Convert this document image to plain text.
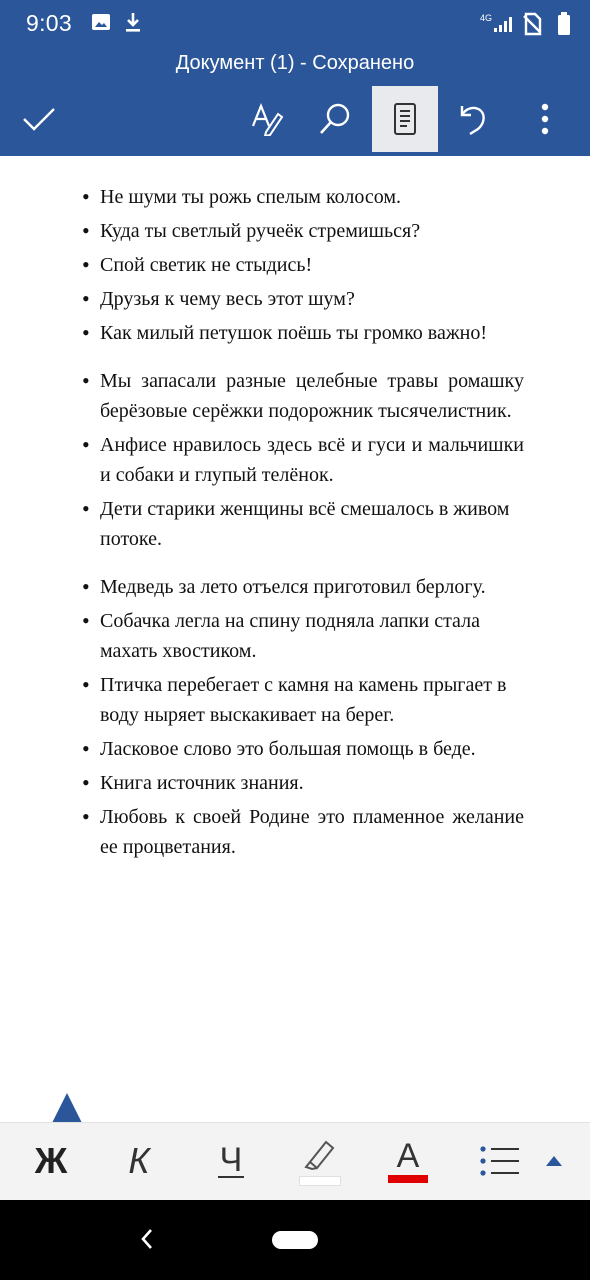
9:03	4G
Документ (1) - Сохранено
• Не шуми ты рожь спелым колосом.
• Куда ты светлый ручеёк стремишься?
• Спой светик не стыдись!
• Друзья к чему весь этот шум?
• Как милый петушок поёшь ты громко важно!
• Мы запасали разные целебные травы ромашку берёзовые серёжки подорожник тысячелистник.
• Анфисе нравилось здесь всё и гуси и мальчишки и собаки и глупый телёнок.
• Дети старики женщины всё смешалось в живом потоке.
• Медведь за лето отъелся приготовил берлогу.
• Собачка легла на спину подняла лапки стала махать хвостиком.
• Птичка перебегает с камня на камень прыгает в воду ныряет выскакивает на берег.
• Ласковое слово это большая помощь в беде.
• Книга источник знания.
• Любовь к своей Родине это пламенное желание ее процветания.
Ж	К	Ч	А
